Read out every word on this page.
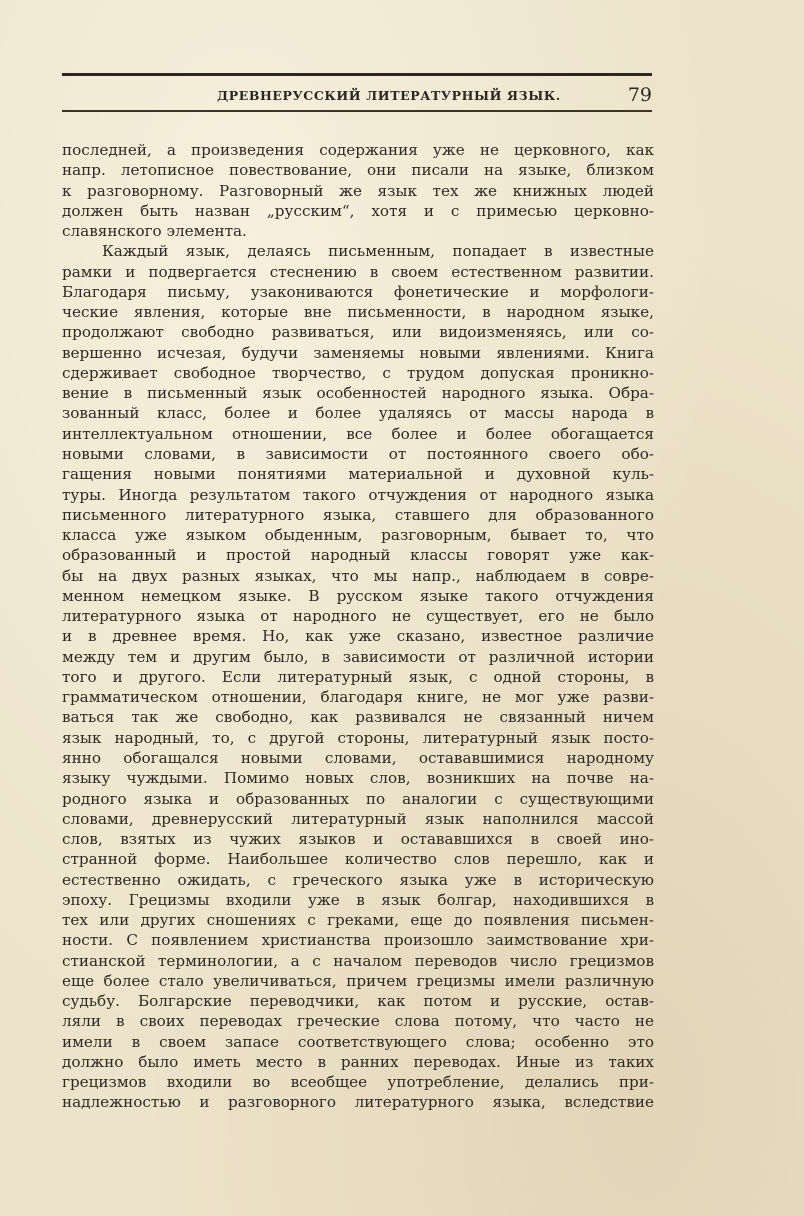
ДРЕВНЕРУССКИЙ ЛИТЕРАТУРНЫЙ ЯЗЫК.	79
последней, а произведения содержания уже не церковного, как
напр. летописное повествование, они писали на языке, близком
к разговорному. Разговорный же язык тех же книжных людей
должен быть назван „русским“, хотя и с примесью церковно-
славянского элемента.
Каждый язык, делаясь письменным, попадает в известные
рамки и подвергается стеснению в своем естественном развитии.
Благодаря письму, узакониваются фонетические и морфологи-
ческие явления, которые вне письменности, в народном языке,
продолжают свободно развиваться, или видоизменяясь, или со-
вершенно исчезая, будучи заменяемы новыми явлениями. Книга
сдерживает свободное творчество, с трудом допуская проникно-
вение в письменный язык особенностей народного языка. Обра-
зованный класс, более и более удаляясь от массы народа в
интеллектуальном отношении, все более и более обогащается
новыми словами, в зависимости от постоянного своего обо-
гащения новыми понятиями материальной и духовной куль-
туры. Иногда результатом такого отчуждения от народного языка
письменного литературного языка, ставшего для образованного
класса уже языком обыденным, разговорным, бывает то, что
образованный и простой народный классы говорят уже как-
бы на двух разных языках, что мы напр., наблюдаем в совре-
менном немецком языке. В русском языке такого отчуждения
литературного языка от народного не существует, его не было
и в древнее время. Но, как уже сказано, известное различие
между тем и другим было, в зависимости от различной истории
того и другого. Если литературный язык, с одной стороны, в
грамматическом отношении, благодаря книге, не мог уже разви-
ваться так же свободно, как развивался не связанный ничем
язык народный, то, с другой стороны, литературный язык посто-
янно обогащался новыми словами, остававшимися народному
языку чуждыми. Помимо новых слов, возникших на почве на-
родного языка и образованных по аналогии с существующими
словами, древнерусский литературный язык наполнился массой
слов, взятых из чужих языков и остававшихся в своей ино-
странной форме. Наибольшее количество слов перешло, как и
естественно ожидать, с греческого языка уже в историческую
эпоху. Грецизмы входили уже в язык болгар, находившихся в
тех или других сношениях с греками, еще до появления письмен-
ности. С появлением христианства произошло заимствование хри-
стианской терминологии, а с началом переводов число грецизмов
еще более стало увеличиваться, причем грецизмы имели различную
судьбу. Болгарские переводчики, как потом и русские, остав-
ляли в своих переводах греческие слова потому, что часто не
имели в своем запасе соответствующего слова; особенно это
должно было иметь место в ранних переводах. Иные из таких
грецизмов входили во всеобщее употребление, делались при-
надлежностью и разговорного литературного языка, вследствие
